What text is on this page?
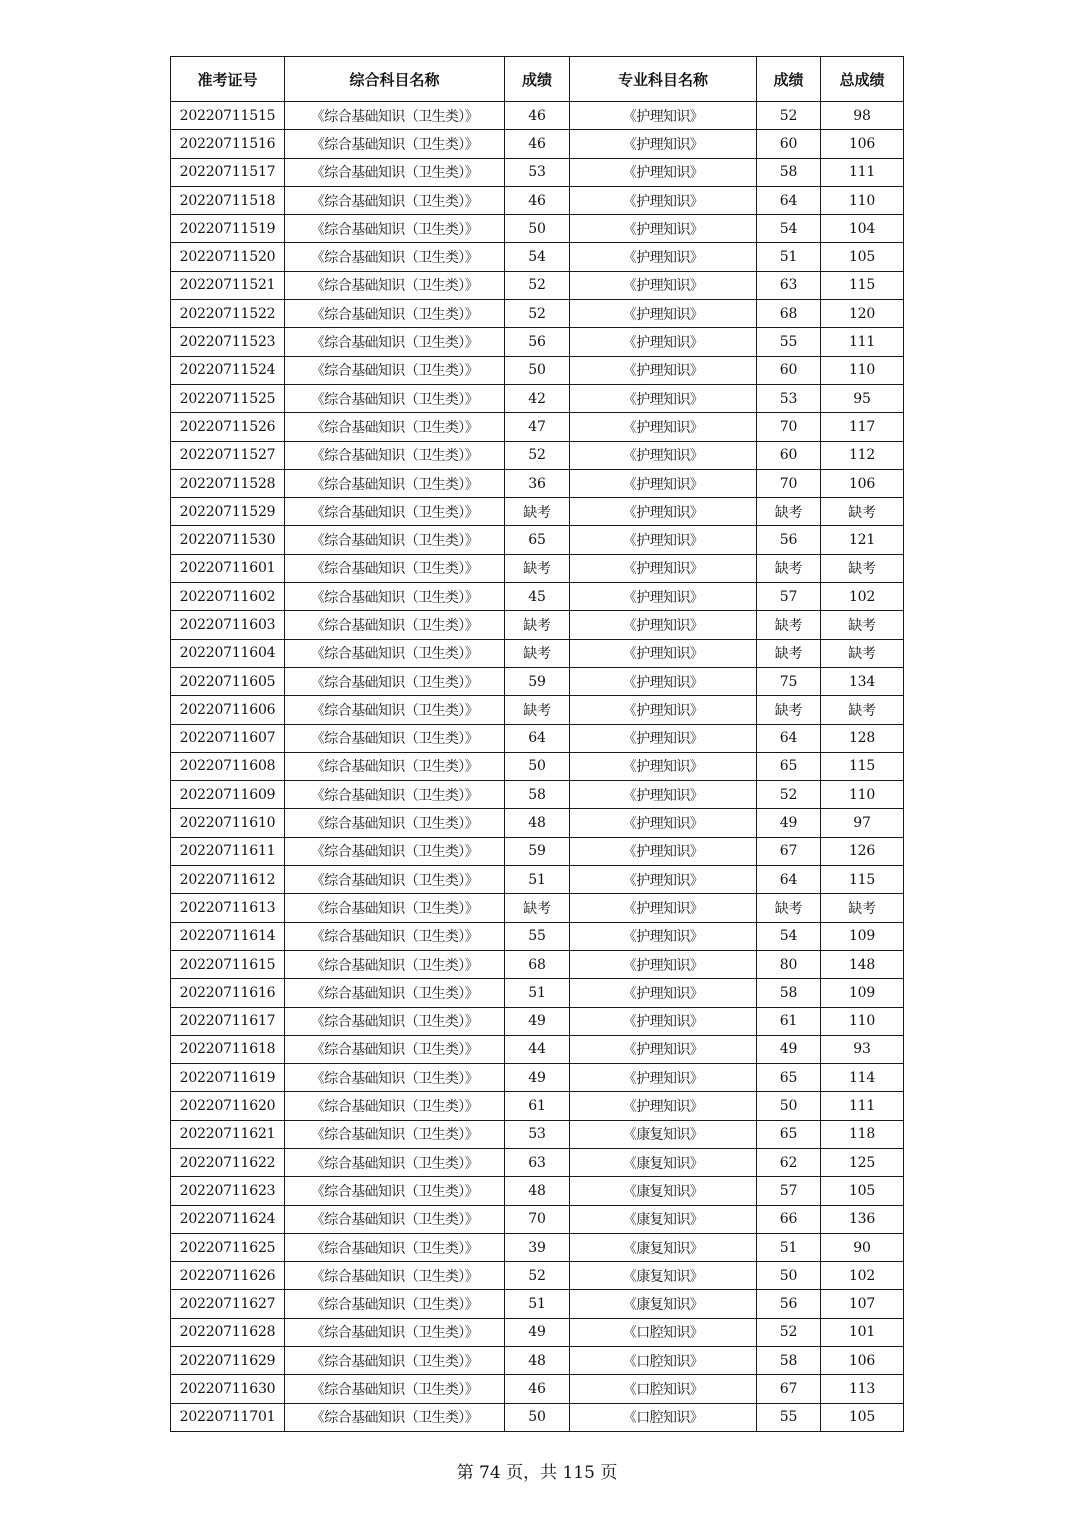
准考证号	综合科目名称	成绩	专业科目名称	成绩	总成绩
20220711515	《综合基础知识（卫生类）》	46	《护理知识》	52	98
20220711516	《综合基础知识（卫生类）》	46	《护理知识》	60	106
20220711517	《综合基础知识（卫生类）》	53	《护理知识》	58	111
20220711518	《综合基础知识（卫生类）》	46	《护理知识》	64	110
20220711519	《综合基础知识（卫生类）》	50	《护理知识》	54	104
20220711520	《综合基础知识（卫生类）》	54	《护理知识》	51	105
20220711521	《综合基础知识（卫生类）》	52	《护理知识》	63	115
20220711522	《综合基础知识（卫生类）》	52	《护理知识》	68	120
20220711523	《综合基础知识（卫生类）》	56	《护理知识》	55	111
20220711524	《综合基础知识（卫生类）》	50	《护理知识》	60	110
20220711525	《综合基础知识（卫生类）》	42	《护理知识》	53	95
20220711526	《综合基础知识（卫生类）》	47	《护理知识》	70	117
20220711527	《综合基础知识（卫生类）》	52	《护理知识》	60	112
20220711528	《综合基础知识（卫生类）》	36	《护理知识》	70	106
20220711529	《综合基础知识（卫生类）》	缺考	《护理知识》	缺考	缺考
20220711530	《综合基础知识（卫生类）》	65	《护理知识》	56	121
20220711601	《综合基础知识（卫生类）》	缺考	《护理知识》	缺考	缺考
20220711602	《综合基础知识（卫生类）》	45	《护理知识》	57	102
20220711603	《综合基础知识（卫生类）》	缺考	《护理知识》	缺考	缺考
20220711604	《综合基础知识（卫生类）》	缺考	《护理知识》	缺考	缺考
20220711605	《综合基础知识（卫生类）》	59	《护理知识》	75	134
20220711606	《综合基础知识（卫生类）》	缺考	《护理知识》	缺考	缺考
20220711607	《综合基础知识（卫生类）》	64	《护理知识》	64	128
20220711608	《综合基础知识（卫生类）》	50	《护理知识》	65	115
20220711609	《综合基础知识（卫生类）》	58	《护理知识》	52	110
20220711610	《综合基础知识（卫生类）》	48	《护理知识》	49	97
20220711611	《综合基础知识（卫生类）》	59	《护理知识》	67	126
20220711612	《综合基础知识（卫生类）》	51	《护理知识》	64	115
20220711613	《综合基础知识（卫生类）》	缺考	《护理知识》	缺考	缺考
20220711614	《综合基础知识（卫生类）》	55	《护理知识》	54	109
20220711615	《综合基础知识（卫生类）》	68	《护理知识》	80	148
20220711616	《综合基础知识（卫生类）》	51	《护理知识》	58	109
20220711617	《综合基础知识（卫生类）》	49	《护理知识》	61	110
20220711618	《综合基础知识（卫生类）》	44	《护理知识》	49	93
20220711619	《综合基础知识（卫生类）》	49	《护理知识》	65	114
20220711620	《综合基础知识（卫生类）》	61	《护理知识》	50	111
20220711621	《综合基础知识（卫生类）》	53	《康复知识》	65	118
20220711622	《综合基础知识（卫生类）》	63	《康复知识》	62	125
20220711623	《综合基础知识（卫生类）》	48	《康复知识》	57	105
20220711624	《综合基础知识（卫生类）》	70	《康复知识》	66	136
20220711625	《综合基础知识（卫生类）》	39	《康复知识》	51	90
20220711626	《综合基础知识（卫生类）》	52	《康复知识》	50	102
20220711627	《综合基础知识（卫生类）》	51	《康复知识》	56	107
20220711628	《综合基础知识（卫生类）》	49	《口腔知识》	52	101
20220711629	《综合基础知识（卫生类）》	48	《口腔知识》	58	106
20220711630	《综合基础知识（卫生类）》	46	《口腔知识》	67	113
20220711701	《综合基础知识（卫生类）》	50	《口腔知识》	55	105
第 74 页，共 115 页
